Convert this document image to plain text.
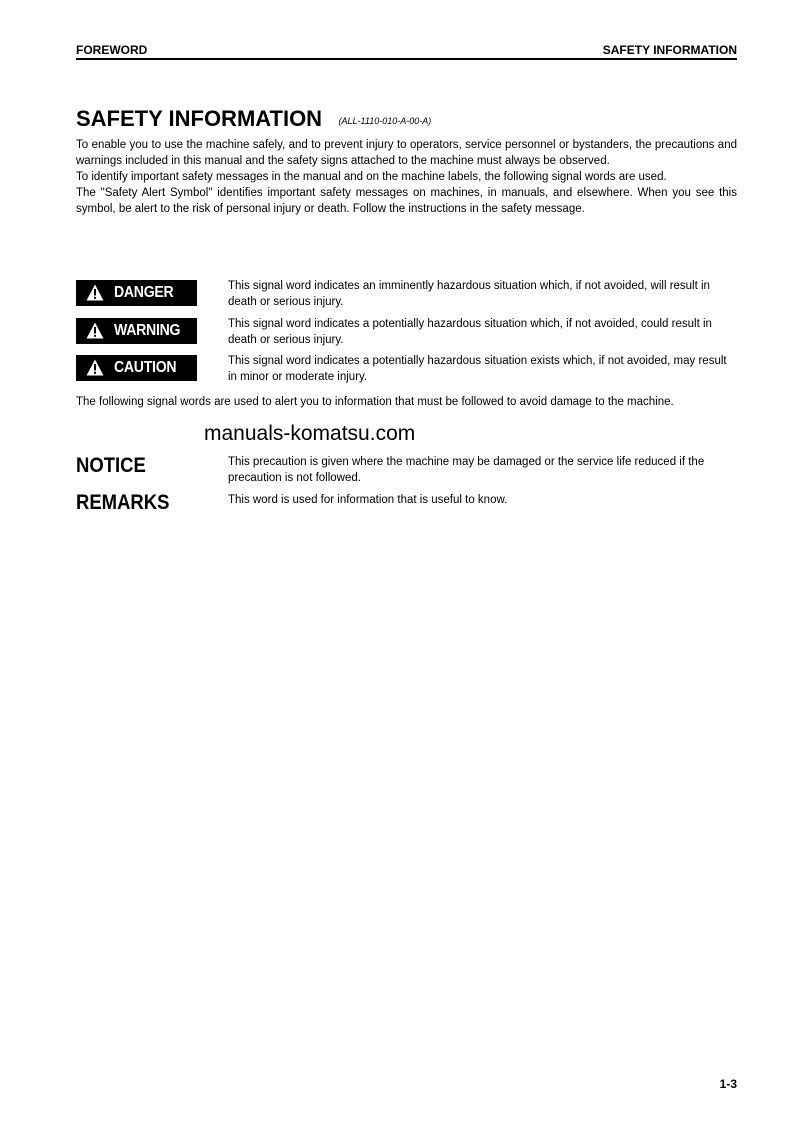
FOREWORD	SAFETY INFORMATION
SAFETY INFORMATION (ALL-1110-010-A-00-A)

To enable you to use the machine safely, and to prevent injury to operators, service personnel or bystanders, the precautions and warnings included in this manual and the safety signs attached to the machine must always be observed.

To identify important safety messages in the manual and on the machine labels, the following signal words are used.

The "Safety Alert Symbol" identifies important safety messages on machines, in manuals, and elsewhere. When you see this symbol, be alert to the risk of personal injury or death. Follow the instructions in the safety message.

DANGER	This signal word indicates an imminently hazardous situation which, if not avoided, will result in death or serious injury.
WARNING	This signal word indicates a potentially hazardous situation which, if not avoided, could result in death or serious injury.
CAUTION	This signal word indicates a potentially hazardous situation exists which, if not avoided, may result in minor or moderate injury.
The following signal words are used to alert you to information that must be followed to avoid damage to the machine.
manuals-komatsu.com
NOTICE	This precaution is given where the machine may be damaged or the service life reduced if the precaution is not followed.
REMARKS	This word is used for information that is useful to know.
1-3
